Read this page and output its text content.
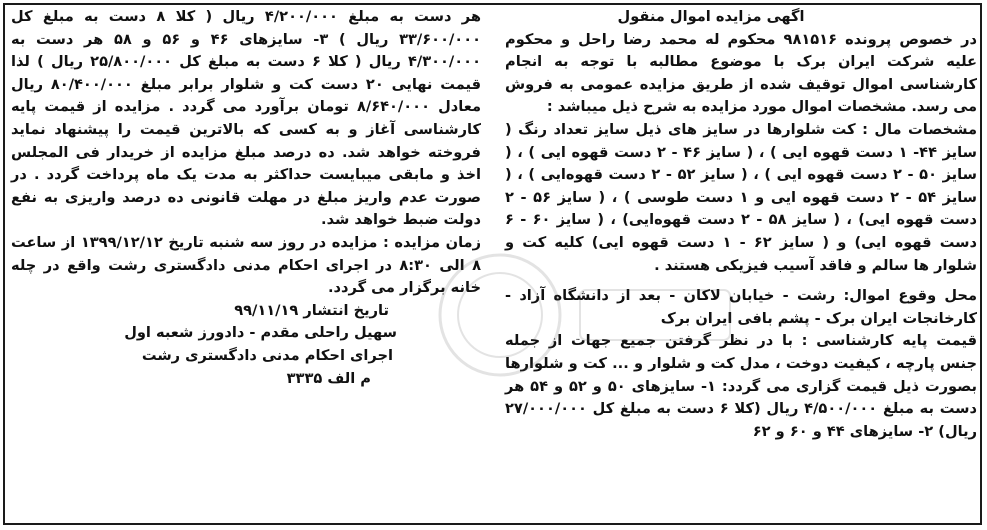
اگهی مزایده اموال منقول

در خصوص پرونده ۹۸۱۵۱۶ محکوم له محمد رضا راحل و محکوم علیه شرکت ایران برک با موضوع مطالبه با توجه به انجام کارشناسی اموال توقیف شده از طریق مزایده عمومی به فروش می رسد. مشخصات اموال مورد مزایده به شرح ذیل میباشد :

مشخصات مال : کت شلوارها در سایز های ذیل سایز تعداد رنگ ( سایز ۴۴- ۱ دست قهوه ایی ) ، ( سایز ۴۶ - ۲ دست قهوه ایی ) ، ( سایز ۵۰ - ۲ دست قهوه ایی ) ، ( سایز ۵۲ - ۲ دست قهوه‌ایی ) ، ( سایز ۵۴ - ۲ دست قهوه ایی و ۱ دست طوسی ) ، ( سایز ۵۶ - ۲ دست قهوه ایی) ، ( سایز ۵۸ - ۲ دست قهوه‌ایی) ، ( سایز ۶۰ - ۶ دست قهوه ایی) و ( سایز ۶۲ - ۱ دست قهوه ایی) کلیه کت و شلوار ها سالم و فاقد آسیب فیزیکی هستند .

محل وقوع اموال: رشت - خیابان لاکان - بعد از دانشگاه آزاد - کارخانجات ایران برک - پشم بافی ایران برک

قیمت پایه کارشناسی : با در نظر گرفتن جمیع جهات از جمله جنس پارچه ، کیفیت دوخت ، مدل کت و شلوار و ... کت و شلوارها بصورت ذیل قیمت گزاری می گردد: ۱- سایزهای ۵۰ و ۵۲ و ۵۴ هر دست به مبلغ ۴/۵۰۰/۰۰۰ ریال (کلا ۶ دست به مبلغ کل ۲۷/۰۰۰/۰۰۰ ریال) ۲- سایزهای ۴۴ و ۶۰ و ۶۲

هر دست به مبلغ ۴/۲۰۰/۰۰۰ ریال ( کلا ۸ دست به مبلغ کل ۳۳/۶۰۰/۰۰۰ ریال ) ۳- سایزهای ۴۶ و ۵۶ و ۵۸ هر دست به ۴/۳۰۰/۰۰۰ ریال ( کلا ۶ دست به مبلغ کل ۲۵/۸۰۰/۰۰۰ ریال ) لذا قیمت نهایی ۲۰ دست کت و شلوار برابر مبلغ ۸۰/۴۰۰/۰۰۰ ریال معادل ۸/۶۴۰/۰۰۰ تومان برآورد می گردد . مزایده از قیمت پایه کارشناسی آغاز و به کسی که بالاترین قیمت را پیشنهاد نماید فروخته خواهد شد. ده درصد مبلغ مزایده از خریدار فی المجلس اخذ و مابقی میبایست حداکثر به مدت یک ماه پرداخت گردد . در صورت عدم واریز مبلغ در مهلت قانونی ده درصد واریزی به نفع دولت ضبط خواهد شد.

زمان مزایده : مزایده در روز سه شنبه تاریخ ۱۳۹۹/۱۲/۱۲ از ساعت ۸ الی ۸:۳۰ در اجرای احکام مدنی دادگستری رشت واقع در چله خانه برگزار می گردد.

تاریخ انتشار ۹۹/۱۱/۱۹

سهیل راحلی مقدم - دادورز شعبه اول

اجرای احکام مدنی دادگستری رشت

م الف ۳۳۳۵
